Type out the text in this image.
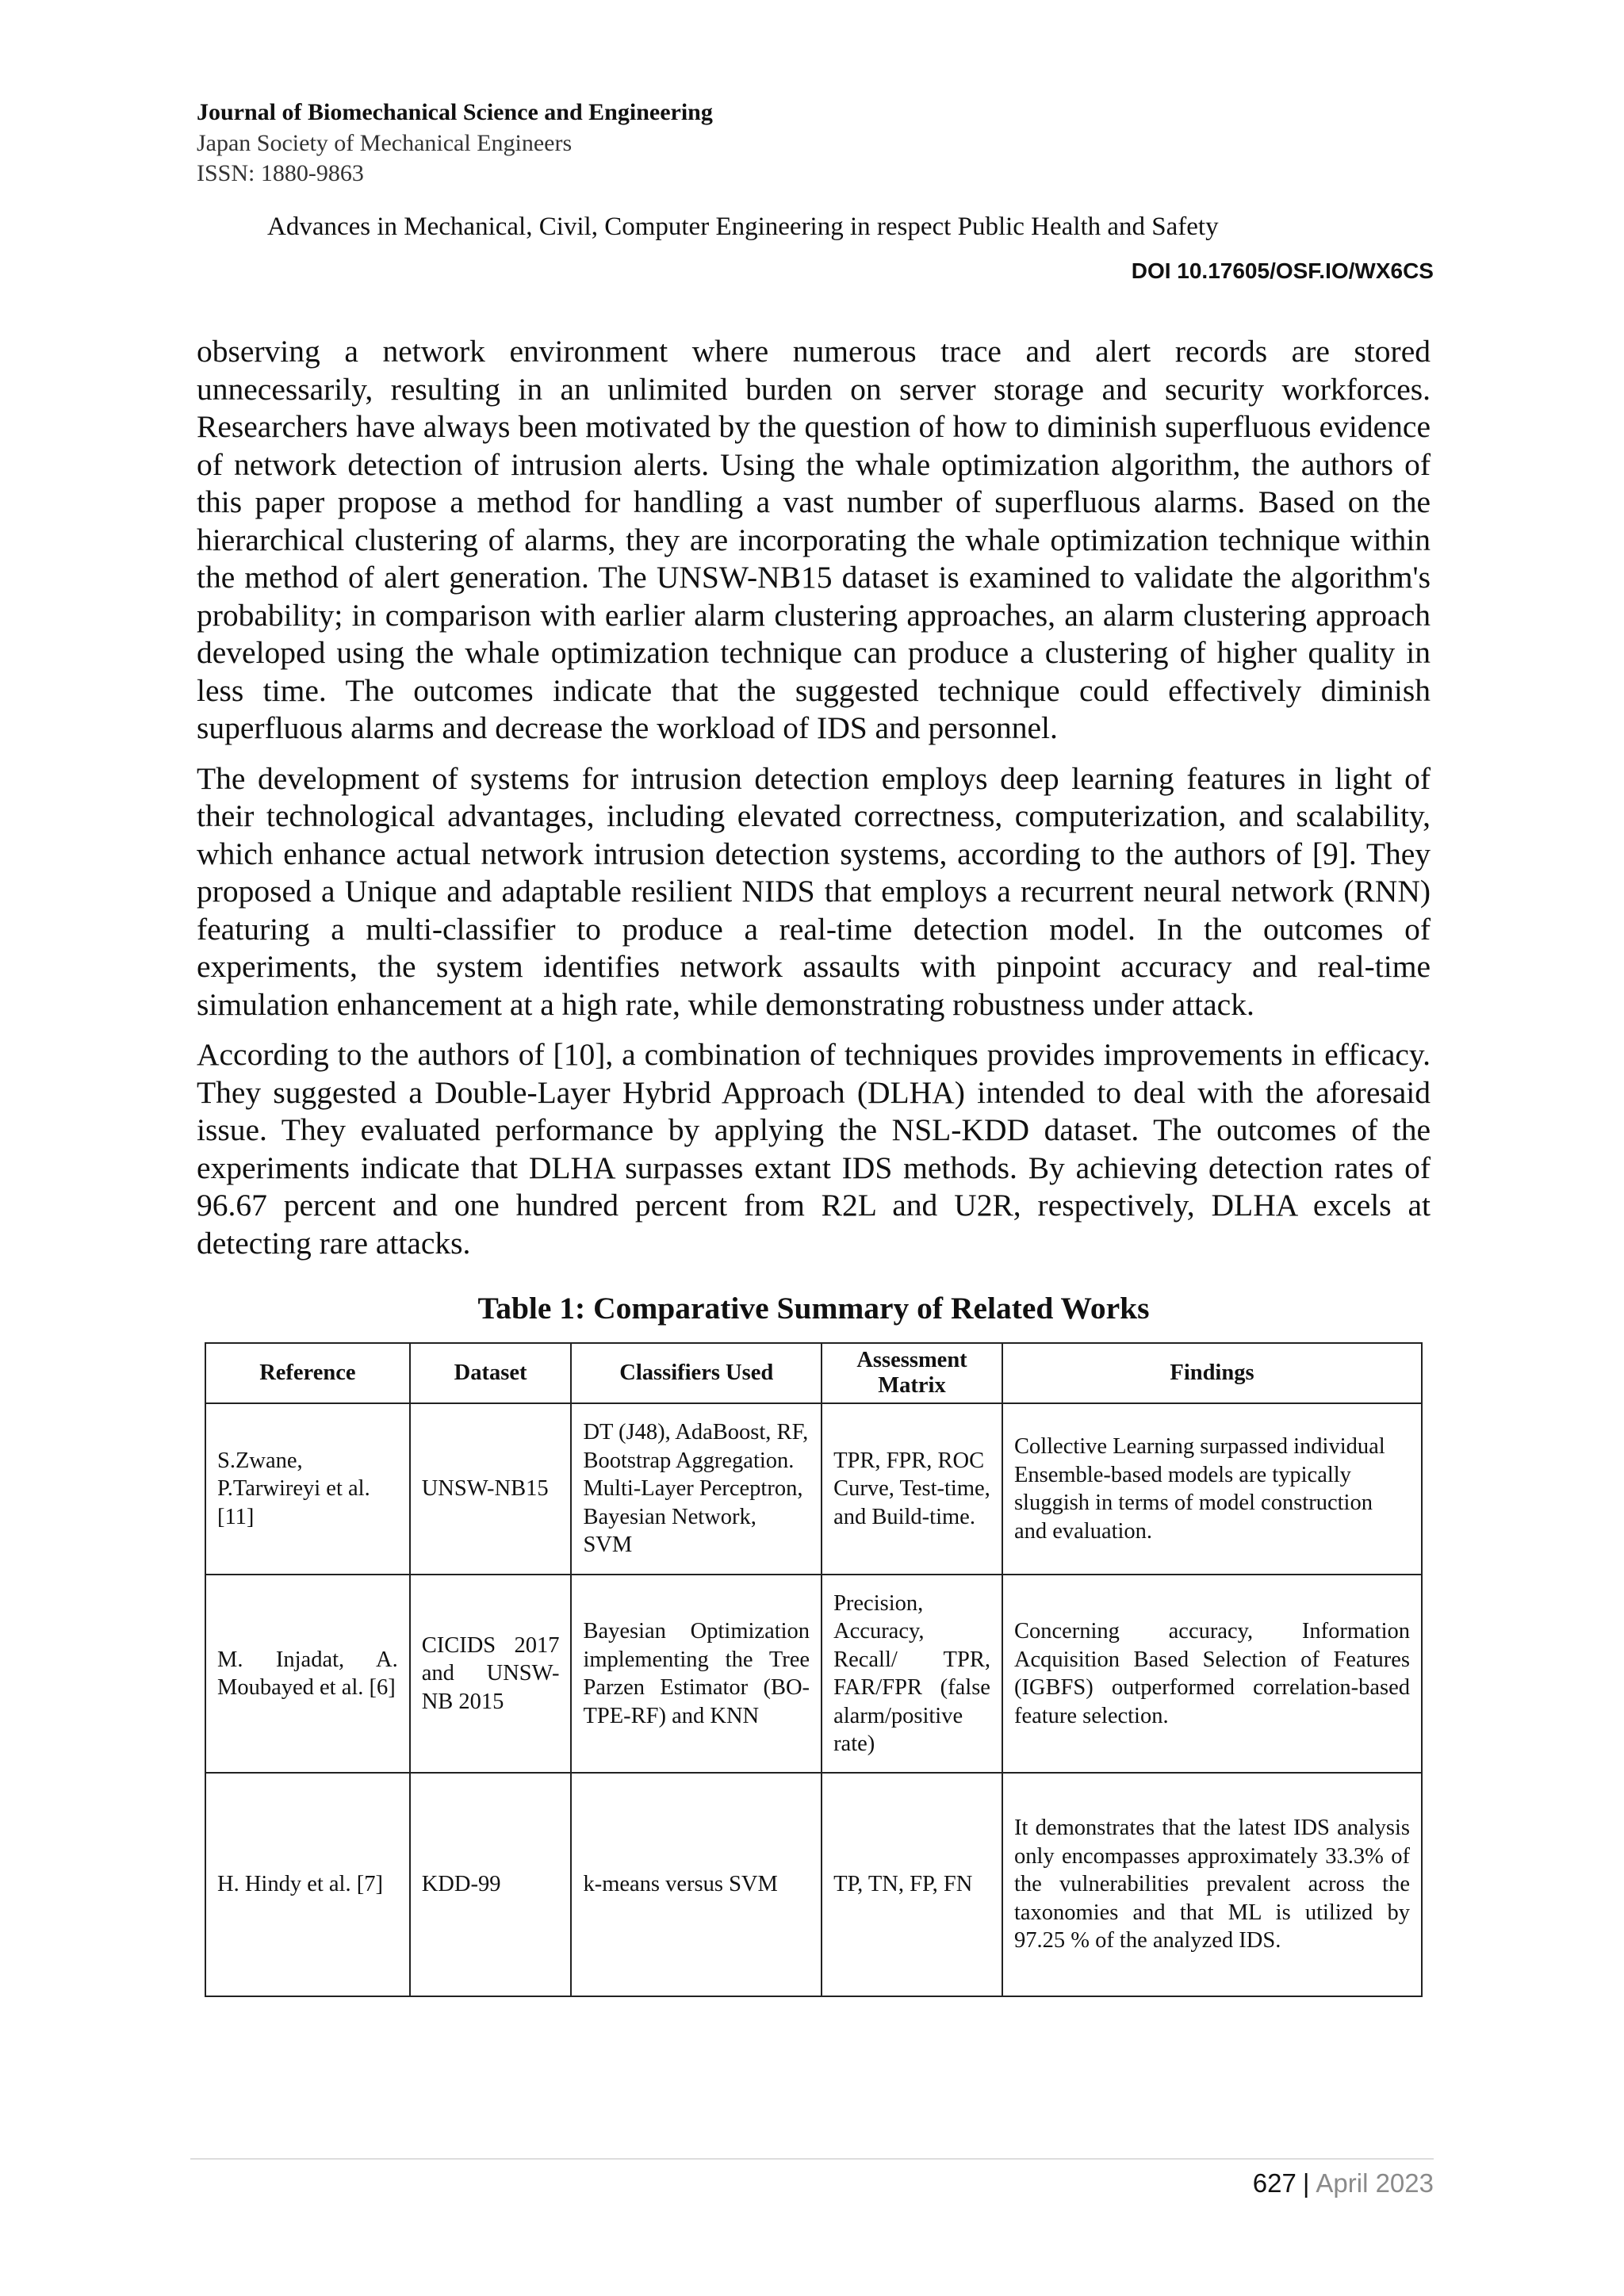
Journal of Biomechanical Science and Engineering
Japan Society of Mechanical Engineers
ISSN: 1880-9863
Advances in Mechanical, Civil, Computer Engineering in respect Public Health and Safety
DOI 10.17605/OSF.IO/WX6CS

observing a network environment where numerous trace and alert records are stored unnecessarily, resulting in an unlimited burden on server storage and security workforces. Researchers have always been motivated by the question of how to diminish superfluous evidence of network detection of intrusion alerts. Using the whale optimization algorithm, the authors of this paper propose a method for handling a vast number of superfluous alarms. Based on the hierarchical clustering of alarms, they are incorporating the whale optimization technique within the method of alert generation. The UNSW-NB15 dataset is examined to validate the algorithm's probability; in comparison with earlier alarm clustering approaches, an alarm clustering approach developed using the whale optimization technique can produce a clustering of higher quality in less time. The outcomes indicate that the suggested technique could effectively diminish superfluous alarms and decrease the workload of IDS and personnel.

The development of systems for intrusion detection employs deep learning features in light of their technological advantages, including elevated correctness, computerization, and scalability, which enhance actual network intrusion detection systems, according to the authors of [9]. They proposed a Unique and adaptable resilient NIDS that employs a recurrent neural network (RNN) featuring a multi-classifier to produce a real-time detection model. In the outcomes of experiments, the system identifies network assaults with pinpoint accuracy and real-time simulation enhancement at a high rate, while demonstrating robustness under attack.

According to the authors of [10], a combination of techniques provides improvements in efficacy. They suggested a Double-Layer Hybrid Approach (DLHA) intended to deal with the aforesaid issue. They evaluated performance by applying the NSL-KDD dataset. The outcomes of the experiments indicate that DLHA surpasses extant IDS methods. By achieving detection rates of 96.67 percent and one hundred percent from R2L and U2R, respectively, DLHA excels at detecting rare attacks.

Table 1: Comparative Summary of Related Works
Reference	Dataset	Classifiers Used	Assessment Matrix	Findings
S.Zwane, P.Tarwireyi et al. [11]	UNSW-NB15	DT (J48), AdaBoost, RF, Bootstrap Aggregation. Multi-Layer Perceptron, Bayesian Network, SVM	TPR, FPR, ROC Curve, Test-time, and Build-time.	Collective Learning surpassed individual Ensemble-based models are typically sluggish in terms of model construction and evaluation.
M. Injadat, A. Moubayed et al. [6]	CICIDS 2017 and UNSW-NB 2015	Bayesian Optimization implementing the Tree Parzen Estimator (BO-TPE-RF) and KNN	Precision, Accuracy, Recall/ TPR, FAR/FPR (false alarm/positive rate)	Concerning accuracy, Information Acquisition Based Selection of Features (IGBFS) outperformed correlation-based feature selection.
H. Hindy et al. [7]	KDD-99	k-means versus SVM	TP, TN, FP, FN	It demonstrates that the latest IDS analysis only encompasses approximately 33.3% of the vulnerabilities prevalent across the taxonomies and that ML is utilized by 97.25 % of the analyzed IDS.
627 | April 2023
